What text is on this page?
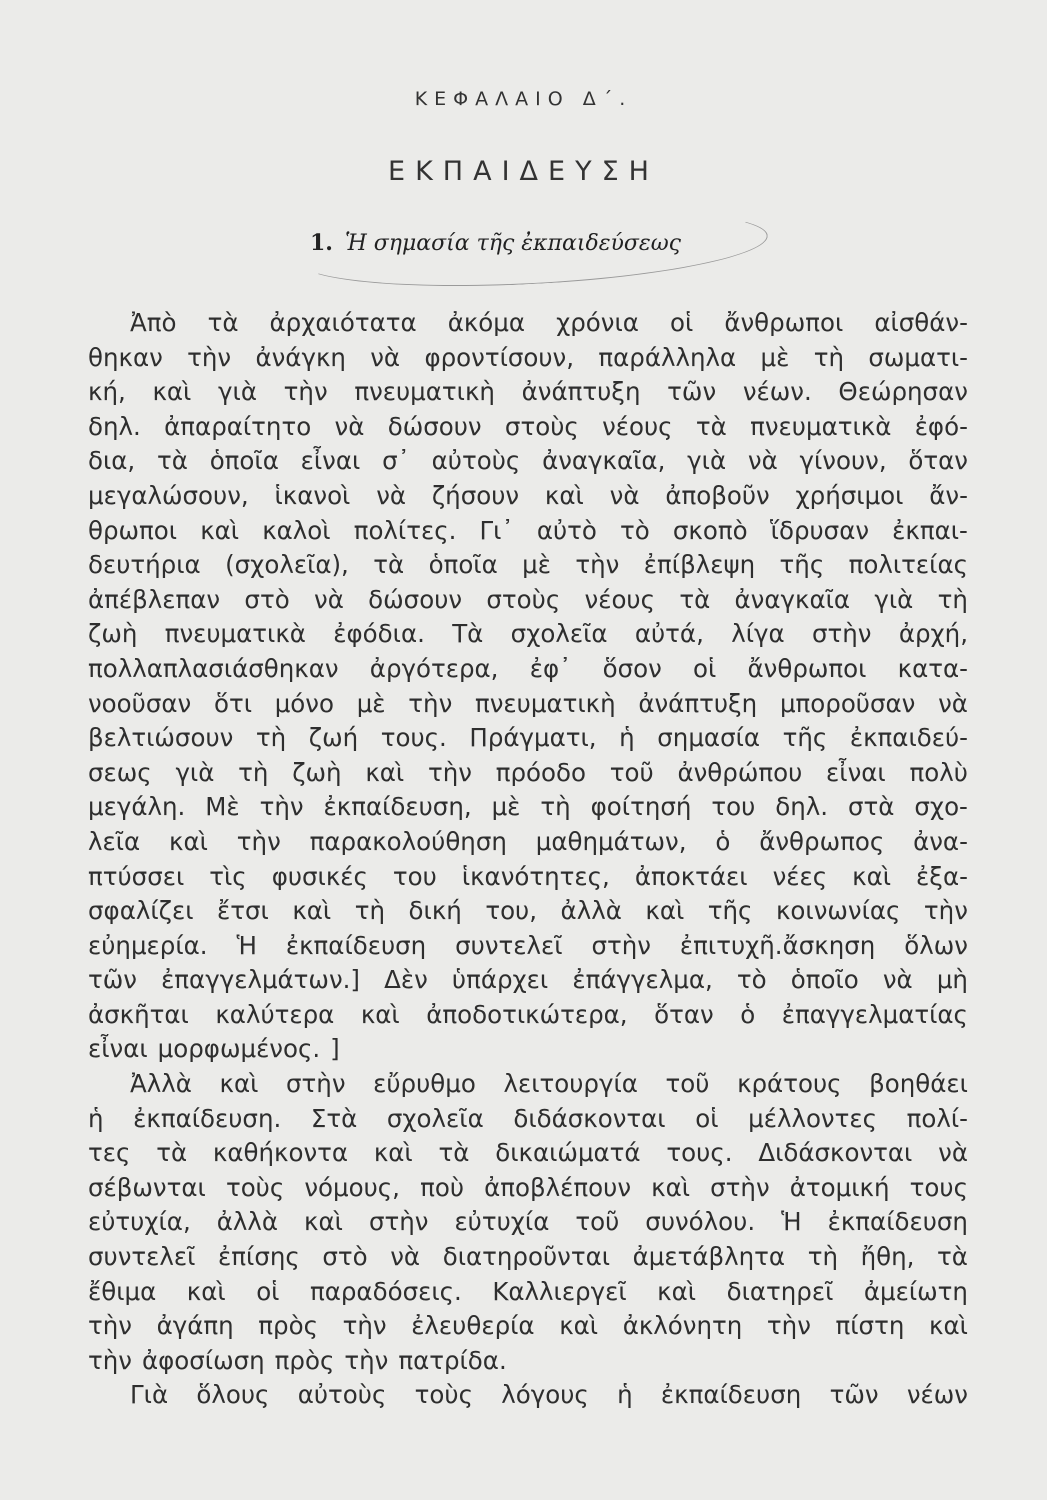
ΚΕΦΑΛΑΙΟ Δ΄.
ΕΚΠΑΙΔΕΥΣΗ
1. Ἡ σημασία τῆς ἐκπαιδεύσεως
Ἀπὸ τὰ ἀρχαιότατα ἀκόμα χρόνια οἱ ἄνθρωποι αἰσθάν-
θηκαν τὴν ἀνάγκη νὰ φροντίσουν, παράλληλα μὲ τὴ σωματι-
κή, καὶ γιὰ τὴν πνευματικὴ ἀνάπτυξη τῶν νέων. Θεώρησαν
δηλ. ἀπαραίτητο νὰ δώσουν στοὺς νέους τὰ πνευματικὰ ἐφό-
δια, τὰ ὁποῖα εἶναι σ᾽ αὐτοὺς ἀναγκαῖα, γιὰ νὰ γίνουν, ὅταν
μεγαλώσουν, ἱκανοὶ νὰ ζήσουν καὶ νὰ ἀποβοῦν χρήσιμοι ἄν-
θρωποι καὶ καλοὶ πολίτες. Γι᾽ αὐτὸ τὸ σκοπὸ ἵδρυσαν ἐκπαι-
δευτήρια (σχολεῖα), τὰ ὁποῖα μὲ τὴν ἐπίβλεψη τῆς πολιτείας
ἀπέβλεπαν στὸ νὰ δώσουν στοὺς νέους τὰ ἀναγκαῖα γιὰ τὴ
ζωὴ πνευματικὰ ἐφόδια. Τὰ σχολεῖα αὐτά, λίγα στὴν ἀρχή,
πολλαπλασιάσθηκαν ἀργότερα, ἐφ᾽ ὅσον οἱ ἄνθρωποι κατα-
νοοῦσαν ὅτι μόνο μὲ τὴν πνευματικὴ ἀνάπτυξη μποροῦσαν νὰ
βελτιώσουν τὴ ζωή τους. Πράγματι, ἡ σημασία τῆς ἐκπαιδεύ-
σεως γιὰ τὴ ζωὴ καὶ τὴν πρόοδο τοῦ ἀνθρώπου εἶναι πολὺ
μεγάλη. Μὲ τὴν ἐκπαίδευση, μὲ τὴ φοίτησή του δηλ. στὰ σχο-
λεῖα καὶ τὴν παρακολούθηση μαθημάτων, ὁ ἄνθρωπος ἀνα-
πτύσσει τὶς φυσικές του ἱκανότητες, ἀποκτάει νέες καὶ ἐξα-
σφαλίζει ἔτσι καὶ τὴ δική του, ἀλλὰ καὶ τῆς κοινωνίας τὴν
εὐημερία. Ἡ ἐκπαίδευση συντελεῖ στὴν ἐπιτυχῆ.ἄσκηση ὅλων
τῶν ἐπαγγελμάτων.] Δὲν ὑπάρχει ἐπάγγελμα, τὸ ὁποῖο νὰ μὴ
ἀσκῆται καλύτερα καὶ ἀποδοτικώτερα, ὅταν ὁ ἐπαγγελματίας
εἶναι μορφωμένος. ]
Ἀλλὰ καὶ στὴν εὔρυθμο λειτουργία τοῦ κράτους βοηθάει
ἡ ἐκπαίδευση. Στὰ σχολεῖα διδάσκονται οἱ μέλλοντες πολί-
τες τὰ καθήκοντα καὶ τὰ δικαιώματά τους. Διδάσκονται νὰ
σέβωνται τοὺς νόμους, ποὺ ἀποβλέπουν καὶ στὴν ἀτομική τους
εὐτυχία, ἀλλὰ καὶ στὴν εὐτυχία τοῦ συνόλου. Ἡ ἐκπαίδευση
συντελεῖ ἐπίσης στὸ νὰ διατηροῦνται ἀμετάβλητα τὴ ἤθη, τὰ
ἔθιμα καὶ οἱ παραδόσεις. Καλλιεργεῖ καὶ διατηρεῖ ἀμείωτη
τὴν ἀγάπη πρὸς τὴν ἐλευθερία καὶ ἀκλόνητη τὴν πίστη καὶ
τὴν ἀφοσίωση πρὸς τὴν πατρίδα.
Γιὰ ὅλους αὐτοὺς τοὺς λόγους ἡ ἐκπαίδευση τῶν νέων
